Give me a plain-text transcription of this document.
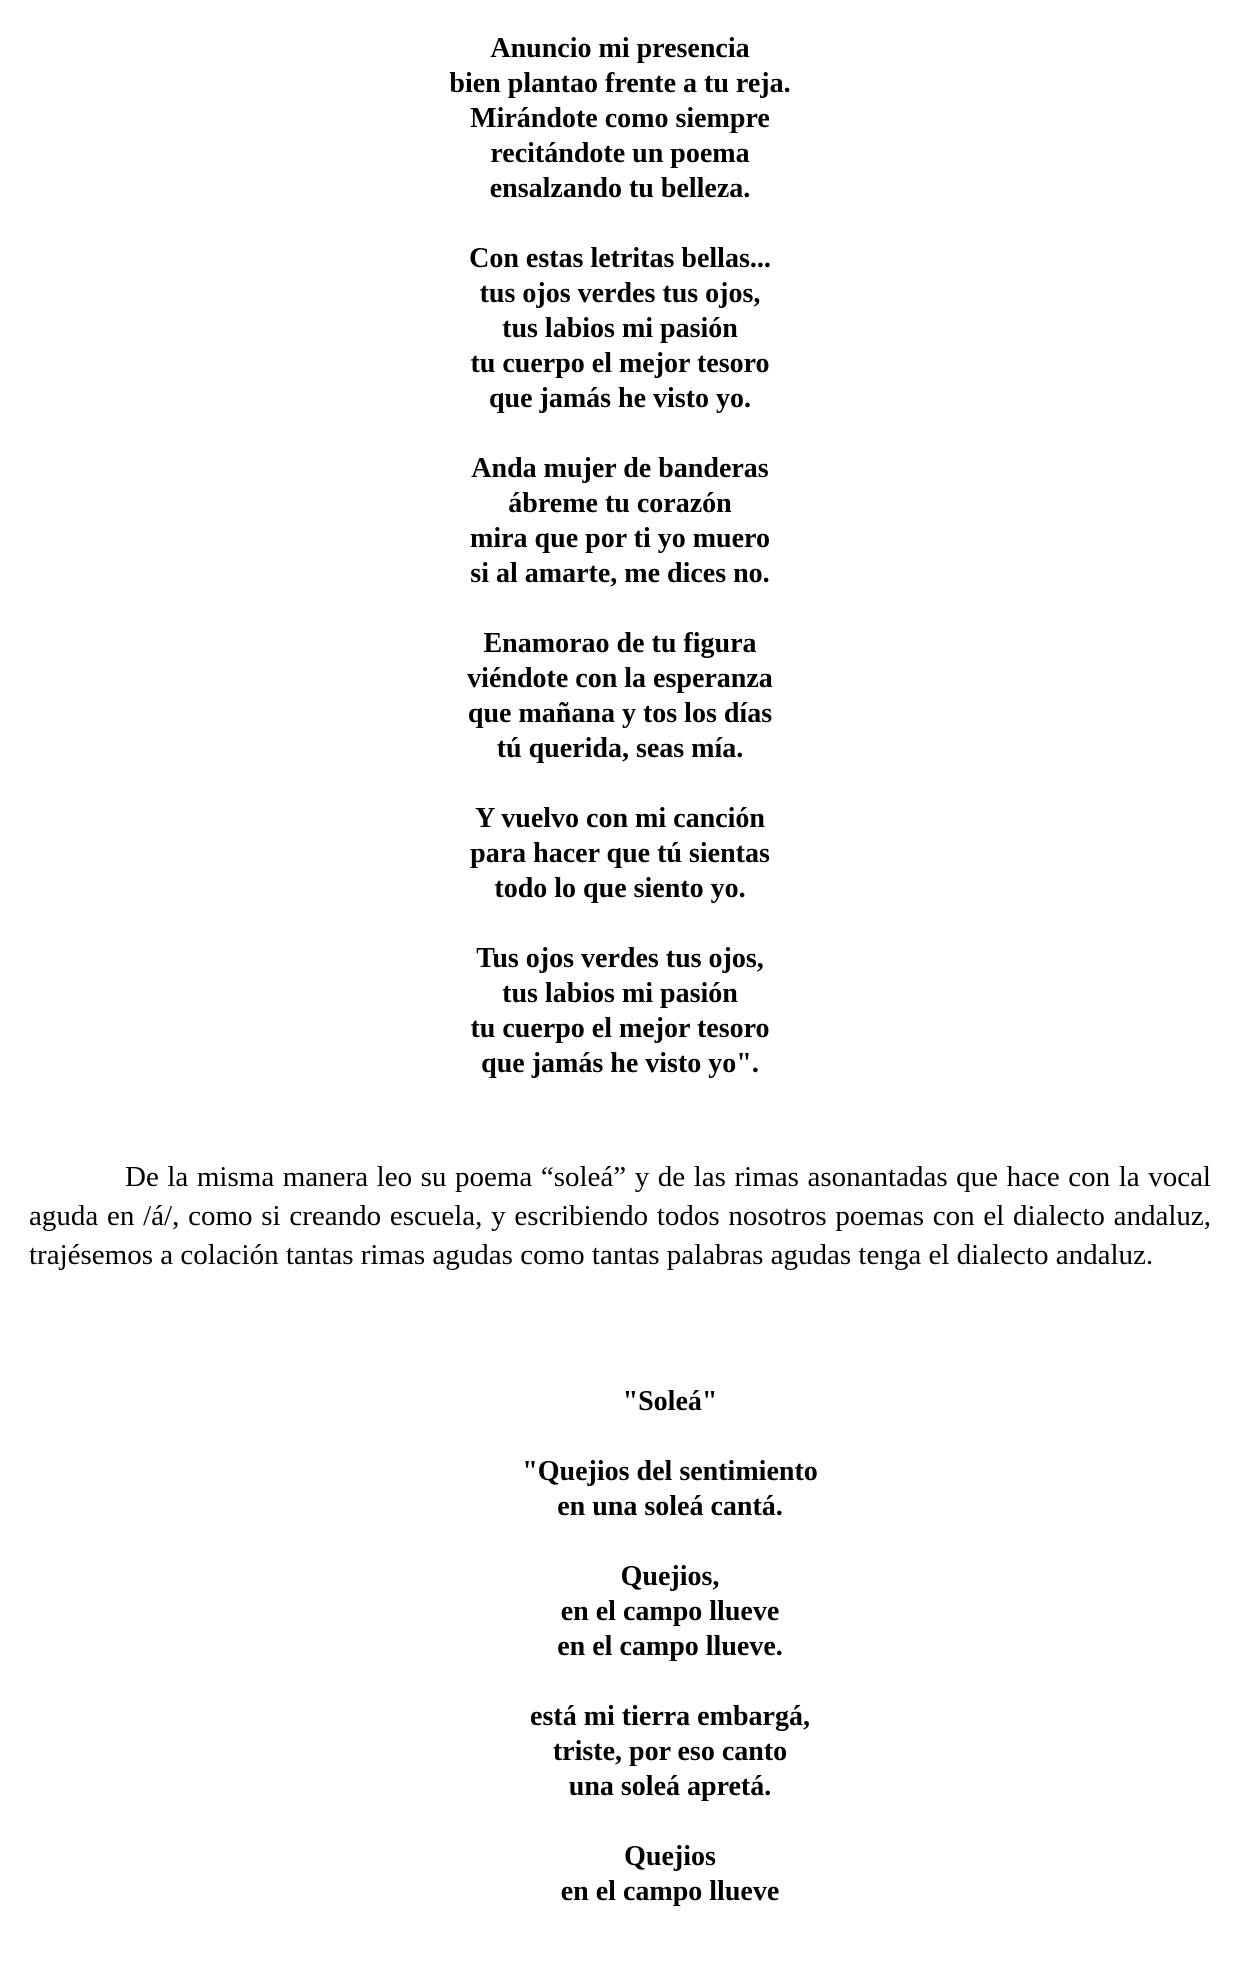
Anuncio mi presencia
bien plantao frente a tu reja.
Mirándote como siempre
recitándote un poema
ensalzando tu belleza.
Con estas letritas bellas...
tus ojos verdes tus ojos,
tus labios mi pasión
tu cuerpo el mejor tesoro
que jamás he visto yo.
Anda mujer de banderas
ábreme tu corazón
mira que por ti yo muero
si al amarte, me dices no.
Enamorao de tu figura
viéndote con la esperanza
que mañana y tos los días
tú querida, seas mía.
Y vuelvo con mi canción
para hacer que tú sientas
todo lo que siento yo.
Tus ojos verdes tus ojos,
tus labios mi pasión
tu cuerpo el mejor tesoro
que jamás he visto yo".

De la misma manera leo su poema “soleá” y de las rimas asonantadas que hace con la vocal aguda en /á/, como si creando escuela, y escribiendo todos nosotros poemas con el dialecto andaluz, trajésemos a colación tantas rimas agudas como tantas palabras agudas tenga el dialecto andaluz.

"Soleá"
"Quejios del sentimiento
en una soleá cantá.
Quejios,
en el campo llueve
en el campo llueve.
está mi tierra embargá,
triste, por eso canto
una soleá apretá.
Quejios
en el campo llueve
